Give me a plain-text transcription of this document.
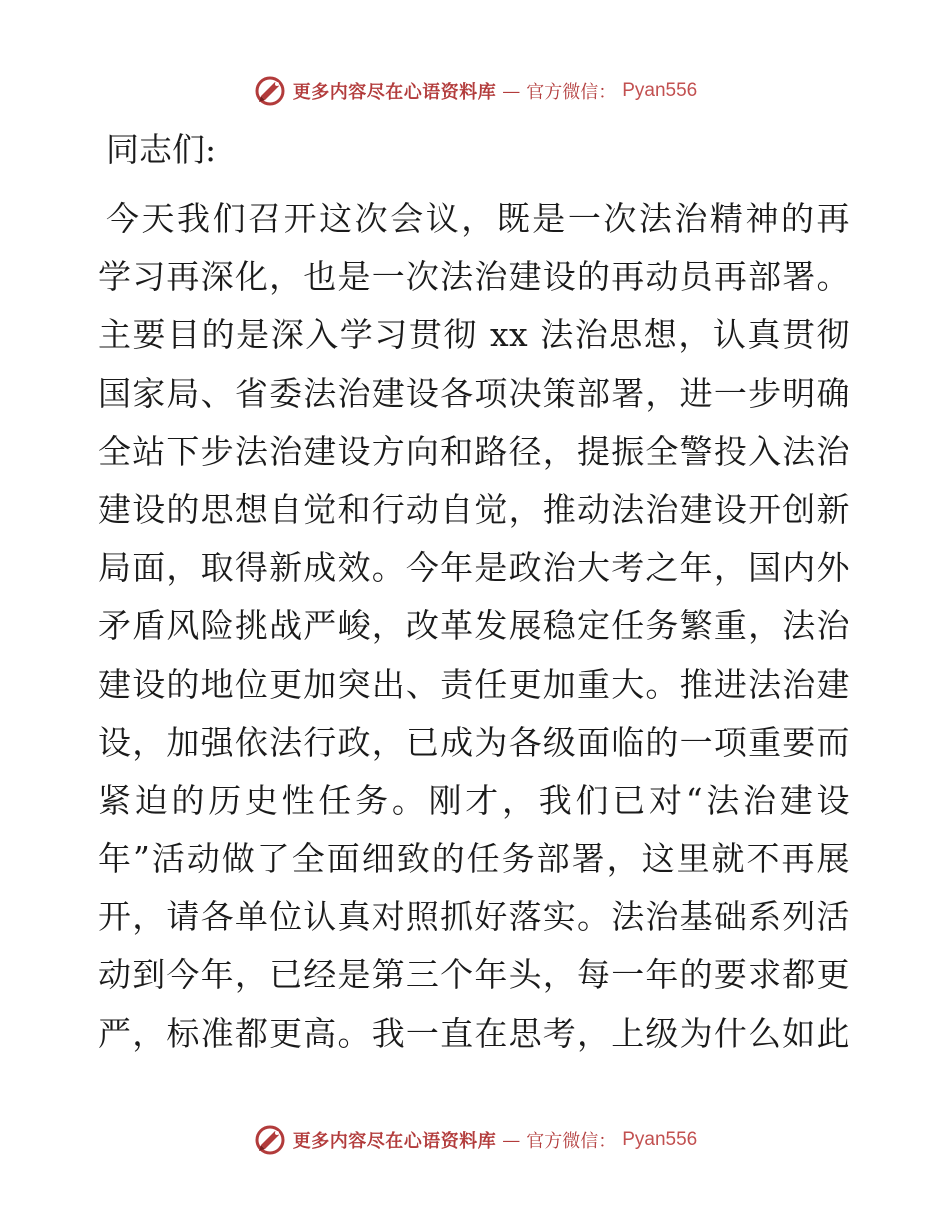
更多内容尽在心语资料库 — 官方微信： Pyan556

同志们:

今天我们召开这次会议，既是一次法治精神的再
学习再深化，也是一次法治建设的再动员再部署。
主要目的是深入学习贯彻 xx 法治思想，认真贯彻
国家局、省委法治建设各项决策部署，进一步明确
全站下步法治建设方向和路径，提振全警投入法治
建设的思想自觉和行动自觉，推动法治建设开创新
局面，取得新成效。今年是政治大考之年，国内外
矛盾风险挑战严峻，改革发展稳定任务繁重，法治
建设的地位更加突出、责任更加重大。推进法治建
设，加强依法行政，已成为各级面临的一项重要而
紧迫的历史性任务。刚才，我们已对“法治建设
年”活动做了全面细致的任务部署，这里就不再展
开，请各单位认真对照抓好落实。法治基础系列活
动到今年，已经是第三个年头，每一年的要求都更
严，标准都更高。我一直在思考，上级为什么如此
更多内容尽在心语资料库 — 官方微信： Pyan556
